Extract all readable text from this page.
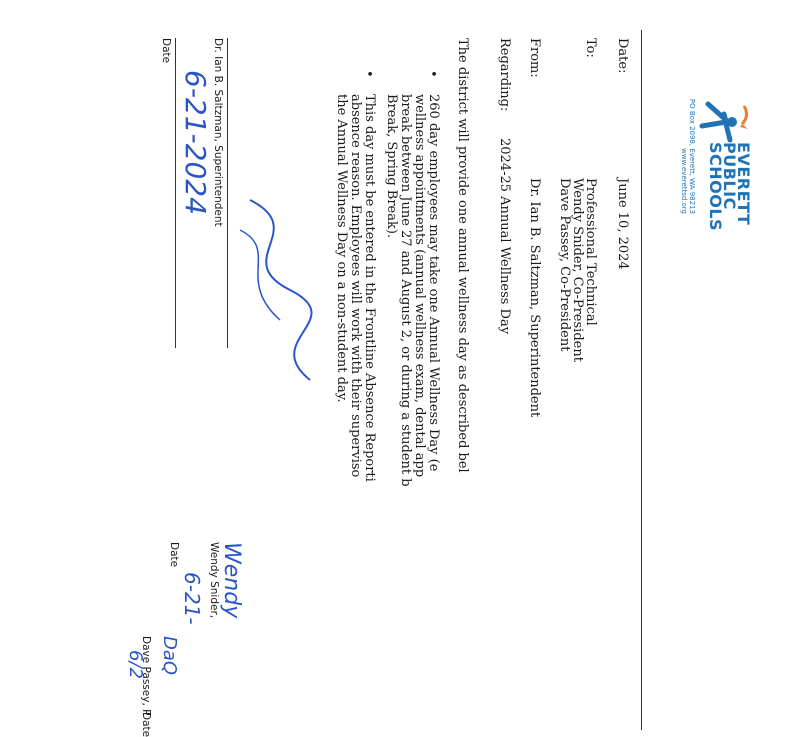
EVERETT
PUBLIC
SCHOOLS
PO Box 2098, Everett, WA 98213
www.everettsd.org
Date:
June 10, 2024
To:
Professional Technical
Wendy Snider, Co-President
Dave Passey, Co-President
From:
Dr. Ian B. Saltzman, Superintendent
Regarding:
2024-25 Annual Wellness Day
The district will provide one annual wellness day as described bel
•
260 day employees may take one Annual Wellness Day (e
wellness appointments (annual wellness exam, dental app
break between June 27 and August 2, or during a student b
Break, Spring Break).
•
This day must be entered in the Frontline Absence Reporti
absence reason. Employees will work with their superviso
the Annual Wellness Day on a non-student day.
Dr. Ian B. Saltzman, Superintendent
6-21-2024
Date
Wendy
Wendy Snider,
6-21-
Date
Dave Passey, P DaQ
6/2
Date
